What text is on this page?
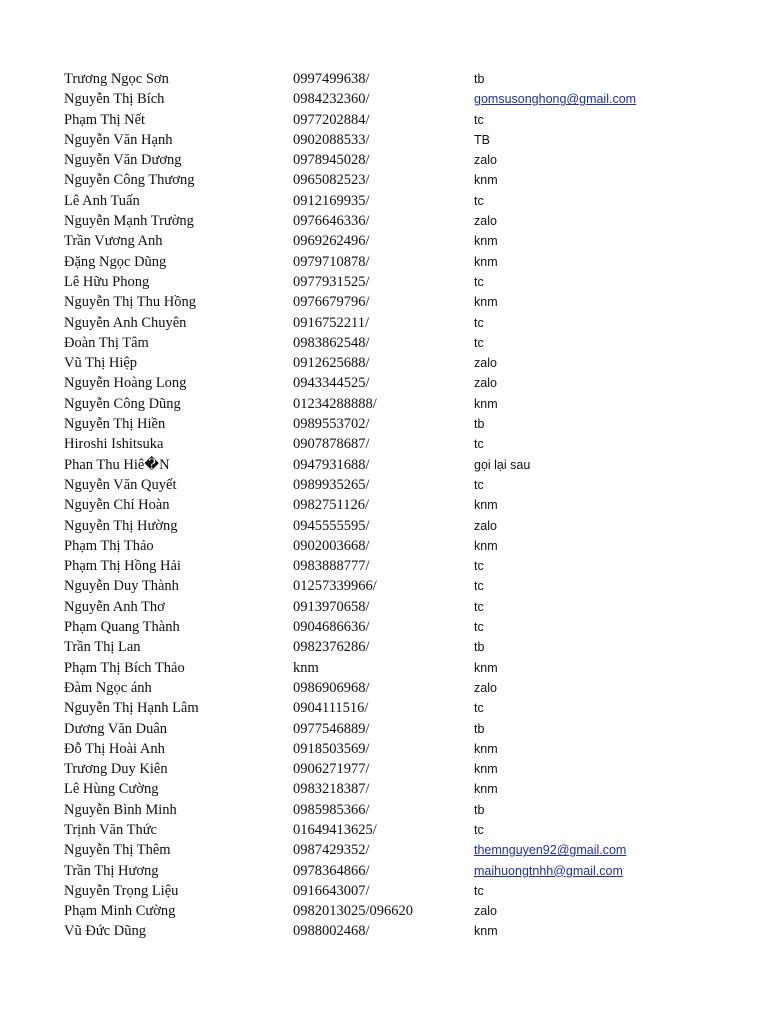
Trương Ngọc Sơn	0997499638/	tb
Nguyễn Thị Bích	0984232360/	gomsusonghong@gmail.com
Phạm Thị Nết	0977202884/	tc
Nguyễn Văn Hạnh	0902088533/	TB
Nguyễn Văn Dương	0978945028/	zalo
Nguyễn Công Thương	0965082523/	knm
Lê Anh Tuấn	0912169935/	tc
Nguyễn Mạnh Trường	0976646336/	zalo
Trần Vương Anh	0969262496/	knm
Đặng Ngọc Dũng	0979710878/	knm
Lê Hữu Phong	0977931525/	tc
Nguyễn Thị Thu Hồng	0976679796/	knm
Nguyễn Anh Chuyên	0916752211/	tc
Đoàn Thị Tâm	0983862548/	tc
Vũ Thị Hiệp	0912625688/	zalo
Nguyễn Hoàng Long	0943344525/	zalo
Nguyễn Công Dũng	01234288888/	knm
Nguyễn Thị Hiền	0989553702/	tb
Hiroshi Ishitsuka	0907878687/	tc
Phan Thu Hiê�N	0947931688/	gọi lại sau
Nguyễn Văn Quyết	0989935265/	tc
Nguyễn Chí Hoàn	0982751126/	knm
Nguyễn Thị Hường	0945555595/	zalo
Phạm Thị Thảo	0902003668/	knm
Phạm Thị Hồng Hải	0983888777/	tc
Nguyễn Duy Thành	01257339966/	tc
Nguyễn Anh Thơ	0913970658/	tc
Phạm Quang Thành	0904686636/	tc
Trần Thị Lan	0982376286/	tb
Phạm Thị Bích Thảo	knm	knm
Đàm Ngọc ánh	0986906968/	zalo
Nguyễn Thị Hạnh Lâm	0904111516/	tc
Dương Văn Duân	0977546889/	tb
Đỗ Thị Hoài Anh	0918503569/	knm
Trương Duy Kiên	0906271977/	knm
Lê Hùng Cường	0983218387/	knm
Nguyễn Bình Minh	0985985366/	tb
Trịnh Văn Thức	01649413625/	tc
Nguyễn Thị Thêm	0987429352/	themnguyen92@gmail.com
Trần Thị Hương	0978364866/	maihuongtnhh@gmail.com
Nguyễn Trọng Liệu	0916643007/	tc
Phạm Minh Cường	0982013025/096620	zalo
Vũ Đức Dũng	0988002468/	knm
